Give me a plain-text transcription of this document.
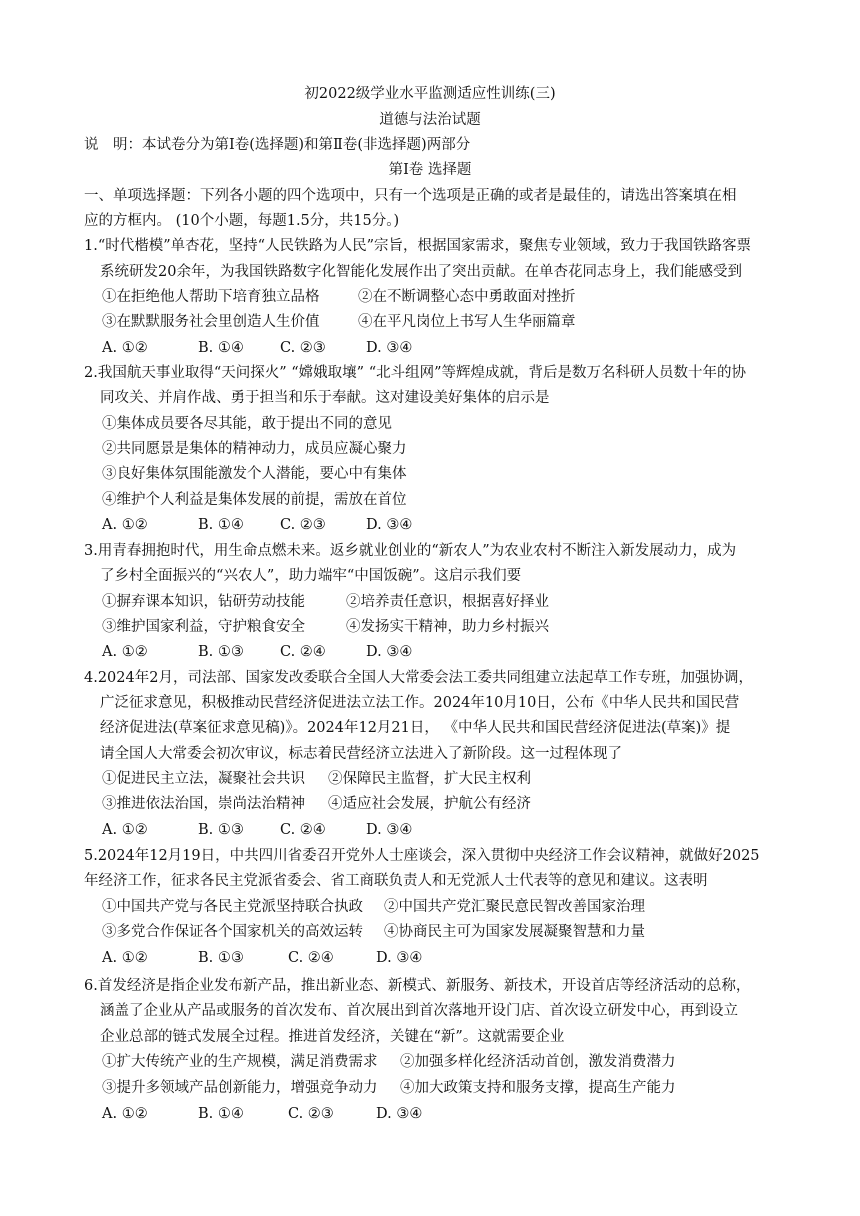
初2022级学业水平监测适应性训练(三)
道德与法治试题
说　明：本试卷分为第Ⅰ卷(选择题)和第Ⅱ卷(非选择题)两部分
第Ⅰ卷 选择题
一、单项选择题：下列各小题的四个选项中，只有一个选项是正确的或者是最佳的，请选出答案填在相
应的方框内。 (10个小题，每题1.5分，共15分。)
1.“时代楷模”单杏花，坚持“人民铁路为人民”宗旨，根据国家需求，聚焦专业领域，致力于我国铁路客票
系统研发20余年，为我国铁路数字化智能化发展作出了突出贡献。在单杏花同志身上，我们能感受到
①在拒绝他人帮助下培育独立品格	②在不断调整心态中勇敢面对挫折
③在默默服务社会里创造人生价值	④在平凡岗位上书写人生华丽篇章
A. ①②	B. ①④ C. ②③	D. ③④
2.我国航天事业取得“天问探火” “嫦娥取壤” “北斗组网”等辉煌成就，背后是数万名科研人员数十年的协
同攻关、并肩作战、勇于担当和乐于奉献。这对建设美好集体的启示是
①集体成员要各尽其能，敢于提出不同的意见
②共同愿景是集体的精神动力，成员应凝心聚力
③良好集体氛围能激发个人潜能，要心中有集体
④维护个人利益是集体发展的前提，需放在首位
A. ①②	B. ①④ C. ②③	D. ③④
3.用青春拥抱时代，用生命点燃未来。返乡就业创业的“新农人”为农业农村不断注入新发展动力，成为
了乡村全面振兴的“兴农人”，助力端牢“中国饭碗”。这启示我们要
①摒弃课本知识，钻研劳动技能	②培养责任意识，根据喜好择业
③维护国家利益，守护粮食安全	④发扬实干精神，助力乡村振兴
A. ①②	B. ①③ C. ②④	D. ③④
4.2024年2月，司法部、国家发改委联合全国人大常委会法工委共同组建立法起草工作专班，加强协调，
广泛征求意见，积极推动民营经济促进法立法工作。2024年10月10日，公布《中华人民共和国民营
经济促进法(草案征求意见稿)》。2024年12月21日， 《中华人民共和国民营经济促进法(草案)》提
请全国人大常委会初次审议，标志着民营经济立法进入了新阶段。这一过程体现了
①促进民主立法，凝聚社会共识 ②保障民主监督，扩大民主权利
③推进依法治国，崇尚法治精神 ④适应社会发展，护航公有经济
A. ①②	B. ①③ C. ②④	D. ③④
5.2024年12月19日，中共四川省委召开党外人士座谈会，深入贯彻中央经济工作会议精神，就做好2025
年经济工作，征求各民主党派省委会、省工商联负责人和无党派人士代表等的意见和建议。这表明
①中国共产党与各民主党派坚持联合执政 ②中国共产党汇聚民意民智改善国家治理
③多党合作保证各个国家机关的高效运转 ④协商民主可为国家发展凝聚智慧和力量
A. ①②	B. ①③	C. ②④	D. ③④
6.首发经济是指企业发布新产品，推出新业态、新模式、新服务、新技术，开设首店等经济活动的总称，
涵盖了企业从产品或服务的首次发布、首次展出到首次落地开设门店、首次设立研发中心，再到设立
企业总部的链式发展全过程。推进首发经济，关键在“新”。这就需要企业
①扩大传统产业的生产规模，满足消费需求 ②加强多样化经济活动首创，激发消费潜力
③提升多领域产品创新能力，增强竞争动力 ④加大政策支持和服务支撑，提高生产能力
A. ①②	B. ①④	C. ②③	D. ③④
